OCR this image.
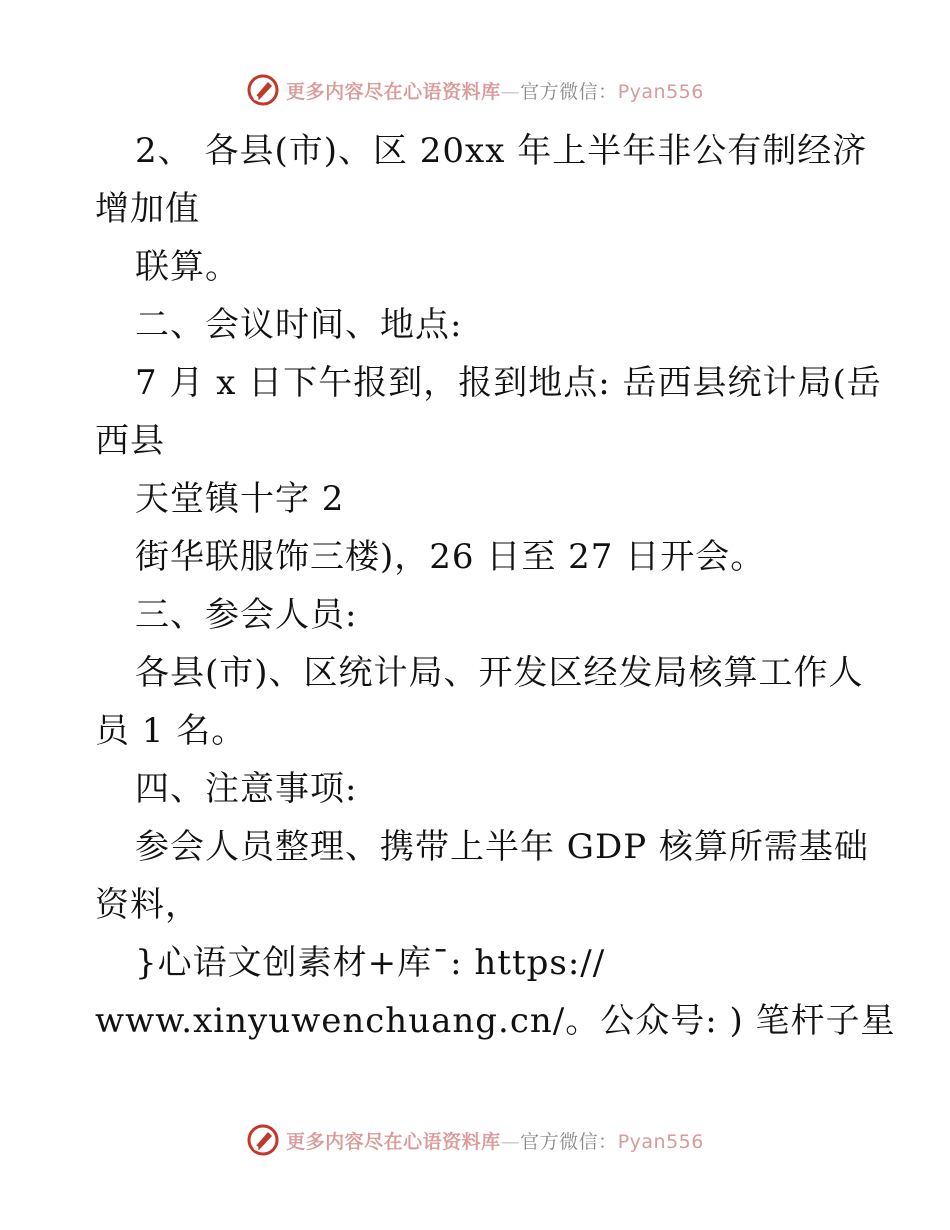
更多内容尽在心语资料库—官方微信：Pyan556

2、 各县(市)、区 20xx 年上半年非公有制经济

增加值

联算。

二、会议时间、地点:

7 月 x 日下午报到，报到地点: 岳西县统计局(岳

西县

天堂镇十字 2

街华联服饰三楼)，26 日至 27 日开会。

三、参会人员:

各县(市)、区统计局、开发区经发局核算工作人

员 1 名。

四、注意事项:

参会人员整理、携带上半年 GDP 核算所需基础

资料，

}心语文创素材+库¯: https://

www.xinyuwenchuang.cn/。公众号: ) 笔杆子星

更多内容尽在心语资料库—官方微信：Pyan556
